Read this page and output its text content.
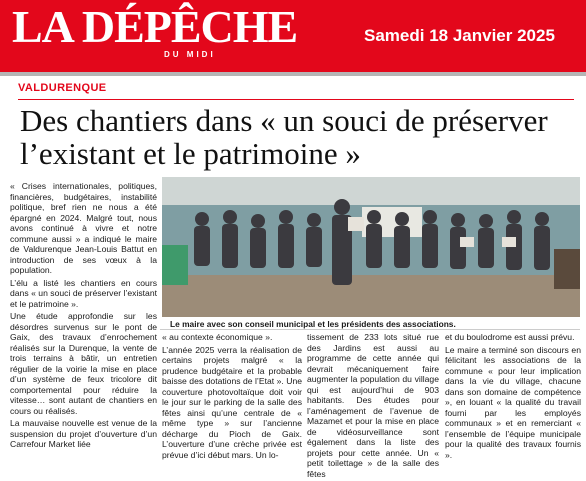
LA DÉPÊCHE
DU MIDI
Samedi 18 Janvier 2025
VALDURENQUE
Des chantiers dans « un souci de préserver l’existant et le patrimoine »

« Crises internationales, politiques, financières, budgétaires, instabilité politique, bref rien ne nous a été épargné en 2024. Malgré tout, nous avons continué à vivre et notre commune aussi » a indiqué le maire de Valdurenque Jean-Louis Battut en introduction de ses vœux à la population.

L’élu a listé les chantiers en cours dans « un souci de préserver l’existant et le patrimoine ».

Une étude approfondie sur les désordres survenus sur le pont de Gaix, des travaux d’enrochement réalisés sur la Durenque, la vente de trois terrains à bâtir, un entretien régulier de la voirie la mise en place d’un système de feux tricolore dit comportemental pour réduire la vitesse… sont autant de chantiers en cours ou réalisés.

La mauvaise nouvelle est venue de la suspension du projet d’ouverture d’un Carrefour Market liée

Le maire avec son conseil municipal et les présidents des associations.

« au contexte économique ».

L’année 2025 verra la réalisation de certains projets malgré « la prudence budgétaire et la probable baisse des dotations de l’Etat ». Une couverture photovoltaïque doit voir le jour sur le parking de la salle des fêtes ainsi qu’une centrale de « même type » sur l’ancienne décharge du Pioch de Gaix. L’ouverture d’une crèche privée est prévue d’ici début mars. Un lo-

tissement de 233 lots situé rue des Jardins est aussi au programme de cette année qui devrait mécaniquement faire augmenter la population du village qui est aujourd’hui de 903 habitants. Des études pour l’aménagement de l’avenue de Mazamet et pour la mise en place de vidéosurveillance sont également dans la liste des projets pour cette année. Un « petit toilettage » de la salle des fêtes

et du boulodrome est aussi prévu.

Le maire a terminé son discours en félicitant les associations de la commune « pour leur implication dans la vie du village, chacune dans son domaine de compétence », en louant « la qualité du travail fourni par les employés communaux » et en remerciant « l’ensemble de l’équipe municipale pour la qualité des travaux fournis ».
